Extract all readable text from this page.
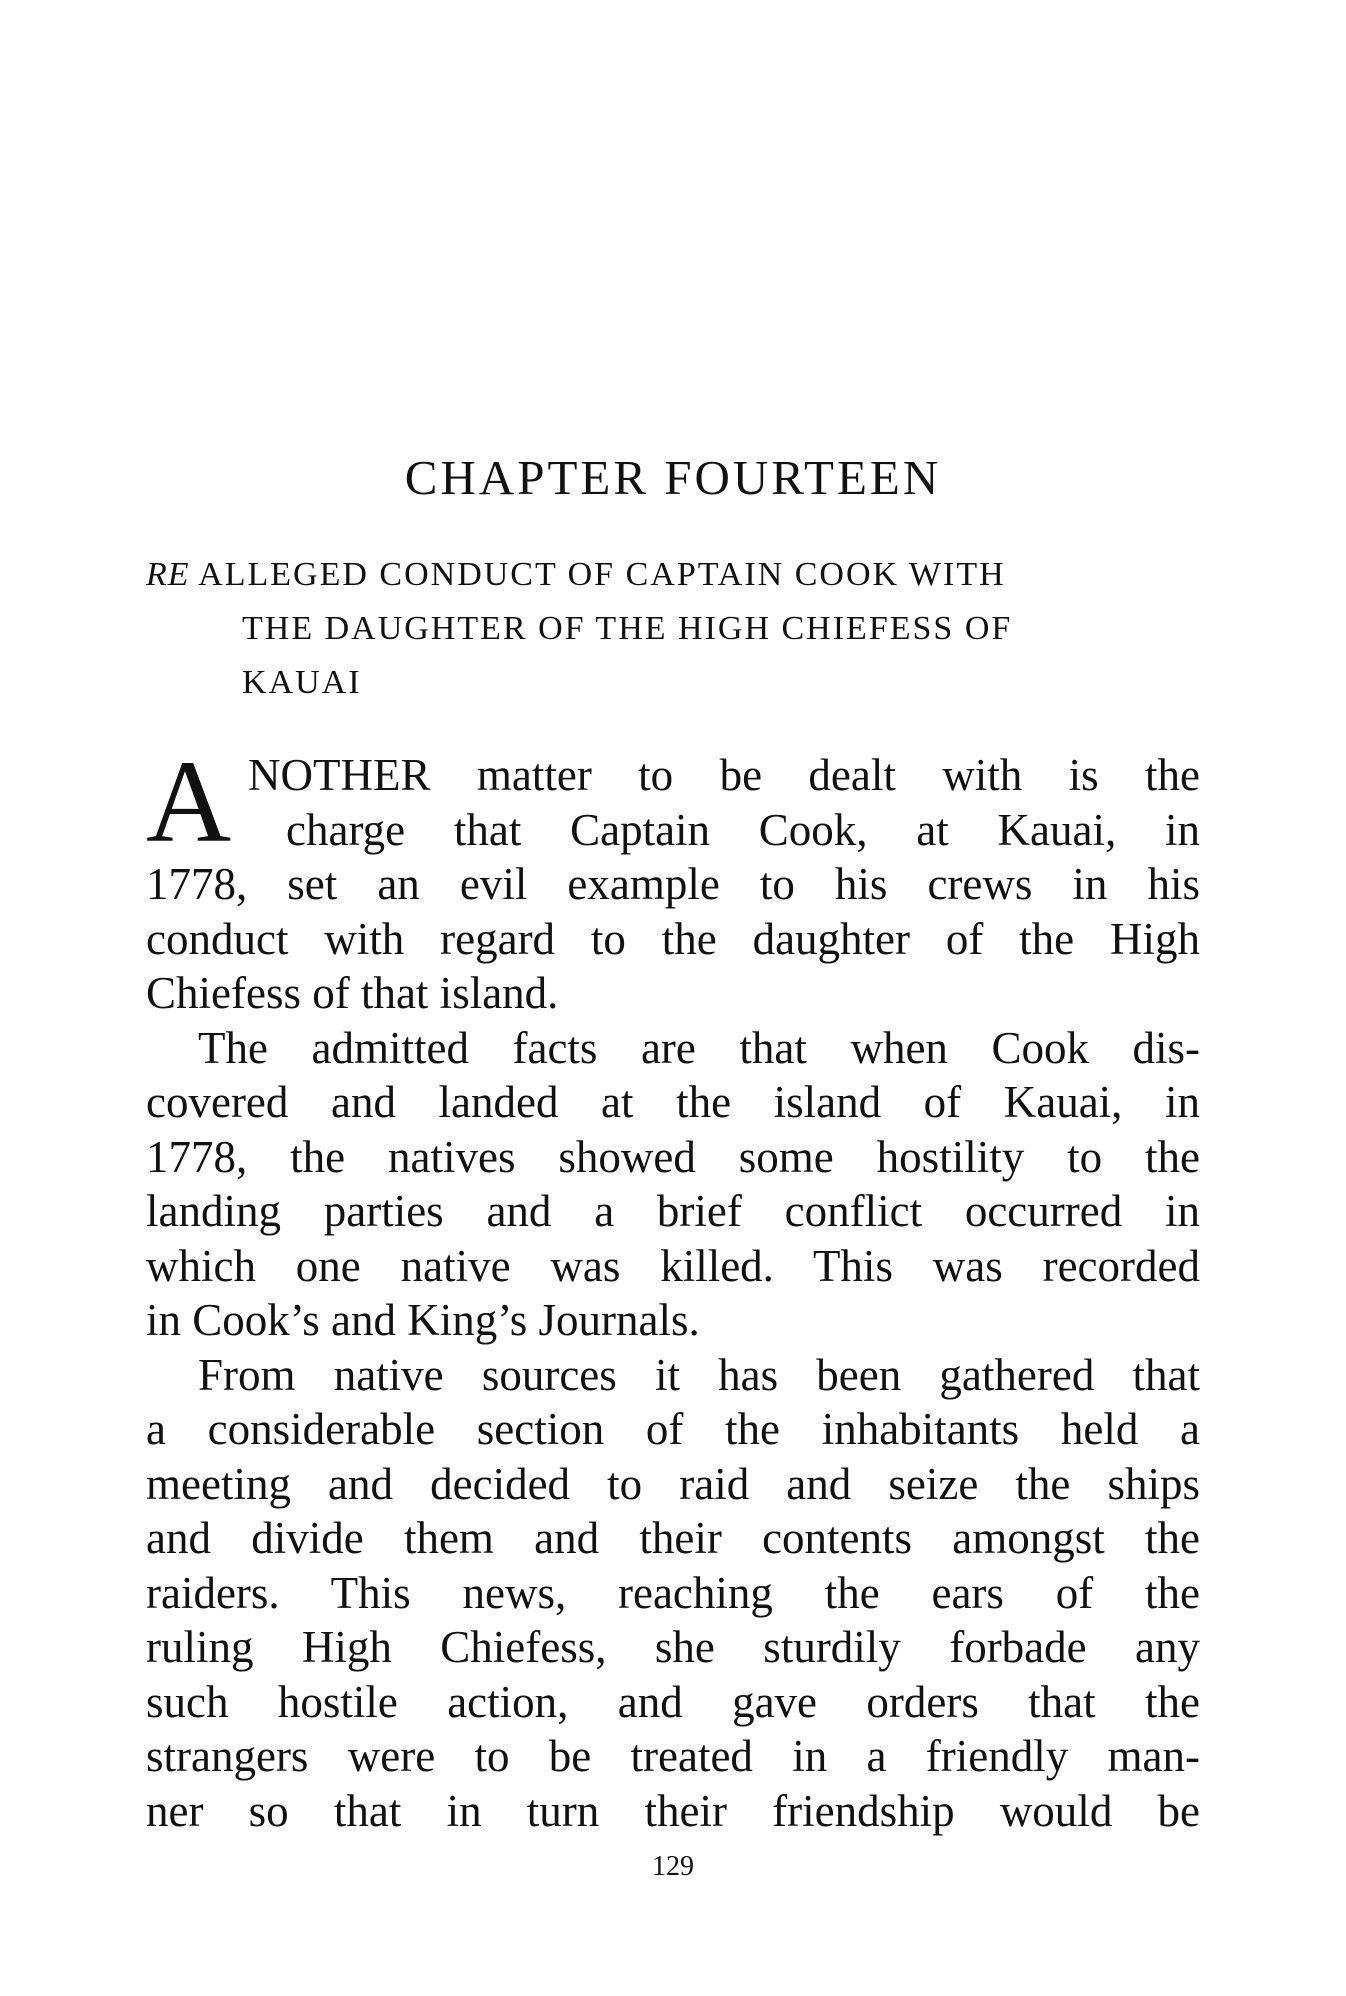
CHAPTER FOURTEEN
RE ALLEGED CONDUCT OF CAPTAIN COOK WITH
THE DAUGHTER OF THE HIGH CHIEFESS OF
KAUAI
A NOTHER matter to be dealt with is the
charge that Captain Cook, at Kauai, in
1778, set an evil example to his crews in his
conduct with regard to the daughter of the High
Chiefess of that island.
The admitted facts are that when Cook dis-
covered and landed at the island of Kauai, in
1778, the natives showed some hostility to the
landing parties and a brief conflict occurred in
which one native was killed. This was recorded
in Cook’s and King’s Journals.
From native sources it has been gathered that
a considerable section of the inhabitants held a
meeting and decided to raid and seize the ships
and divide them and their contents amongst the
raiders. This news, reaching the ears of the
ruling High Chiefess, she sturdily forbade any
such hostile action, and gave orders that the
strangers were to be treated in a friendly man-
ner so that in turn their friendship would be
129
